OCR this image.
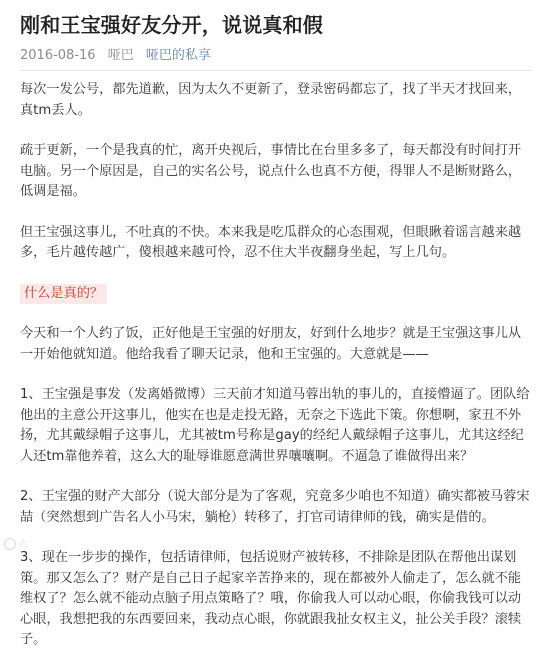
刚和王宝强好友分开，说说真和假
2016-08-16 哑巴 哑巴的私享

每次一发公号，都先道歉，因为太久不更新了，登录密码都忘了，找了半天才找回来，真tm丢人。

疏于更新，一个是我真的忙，离开央视后，事情比在台里多多了，每天都没有时间打开电脑。另一个原因是，自己的实名公号，说点什么也真不方便，得罪人不是断财路么，低调是福。

但王宝强这事儿，不吐真的不快。本来我是吃瓜群众的心态围观，但眼瞅着谣言越来越多，毛片越传越广，傻根越来越可怜，忍不住大半夜翻身坐起，写上几句。

什么是真的？

今天和一个人约了饭，正好他是王宝强的好朋友，好到什么地步？就是王宝强这事儿从一开始他就知道。他给我看了聊天记录，他和王宝强的。大意就是——

1、王宝强是事发（发离婚微博）三天前才知道马蓉出轨的事儿的，直接懵逼了。团队给他出的主意公开这事儿，他实在也是走投无路，无奈之下选此下策。你想啊，家丑不外扬，尤其戴绿帽子这事儿，尤其被tm号称是gay的经纪人戴绿帽子这事儿，尤其这经纪人还tm靠他养着，这么大的耻辱谁愿意满世界嚷嚷啊。不逼急了谁做得出来？

2、王宝强的财产大部分（说大部分是为了客观，究竟多少咱也不知道）确实都被马蓉宋喆（突然想到广告名人小马宋，躺枪）转移了，打官司请律师的钱，确实是借的。

3、现在一步步的操作，包括请律师，包括说财产被转移，不排除是团队在帮他出谋划策。那又怎么了？财产是自己日子起家辛苦挣来的，现在都被外人偷走了，怎么就不能维权了？怎么就不能动点脑子用点策略了？哦，你偷我人可以动心眼，你偷我钱可以动心眼，我想把我的东西要回来，我动点心眼，你就跟我扯女权主义，扯公关手段？滚犊子。

六
